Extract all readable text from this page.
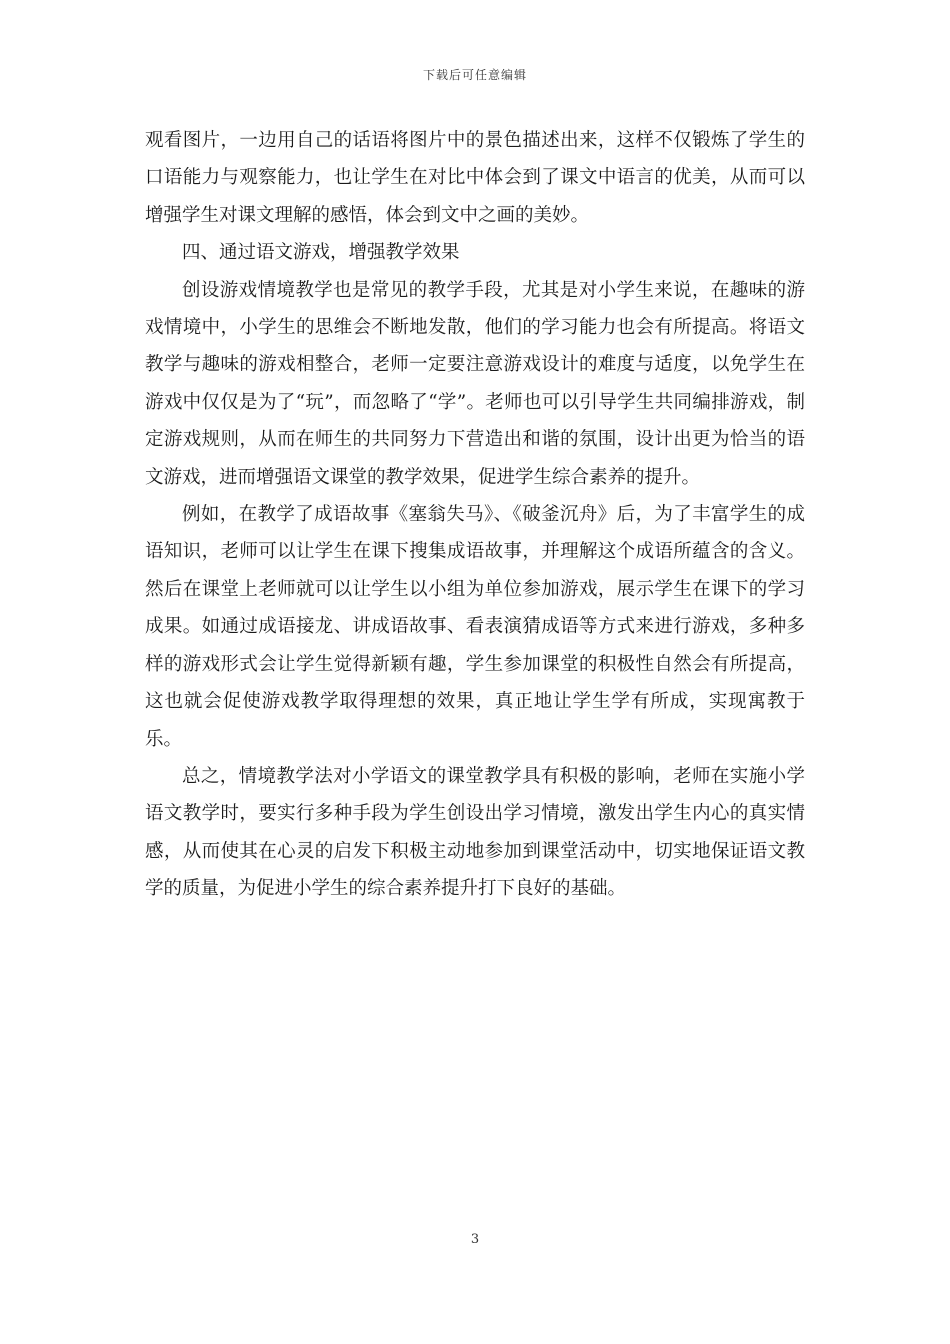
下载后可任意编辑

观看图片，一边用自己的话语将图片中的景色描述出来，这样不仅锻炼了学生的口语能力与观察能力，也让学生在对比中体会到了课文中语言的优美，从而可以增强学生对课文理解的感悟，体会到文中之画的美妙。

四、通过语文游戏，增强教学效果

创设游戏情境教学也是常见的教学手段，尤其是对小学生来说，在趣味的游戏情境中，小学生的思维会不断地发散，他们的学习能力也会有所提高。将语文教学与趣味的游戏相整合，老师一定要注意游戏设计的难度与适度，以免学生在游戏中仅仅是为了“玩”，而忽略了“学”。老师也可以引导学生共同编排游戏，制定游戏规则，从而在师生的共同努力下营造出和谐的氛围，设计出更为恰当的语文游戏，进而增强语文课堂的教学效果，促进学生综合素养的提升。

例如，在教学了成语故事《塞翁失马》、《破釜沉舟》后，为了丰富学生的成语知识，老师可以让学生在课下搜集成语故事，并理解这个成语所蕴含的含义。然后在课堂上老师就可以让学生以小组为单位参加游戏，展示学生在课下的学习成果。如通过成语接龙、讲成语故事、看表演猜成语等方式来进行游戏，多种多样的游戏形式会让学生觉得新颖有趣，学生参加课堂的积极性自然会有所提高，这也就会促使游戏教学取得理想的效果，真正地让学生学有所成，实现寓教于乐。

总之，情境教学法对小学语文的课堂教学具有积极的影响，老师在实施小学语文教学时，要实行多种手段为学生创设出学习情境，激发出学生内心的真实情感，从而使其在心灵的启发下积极主动地参加到课堂活动中，切实地保证语文教学的质量，为促进小学生的综合素养提升打下良好的基础。

3
